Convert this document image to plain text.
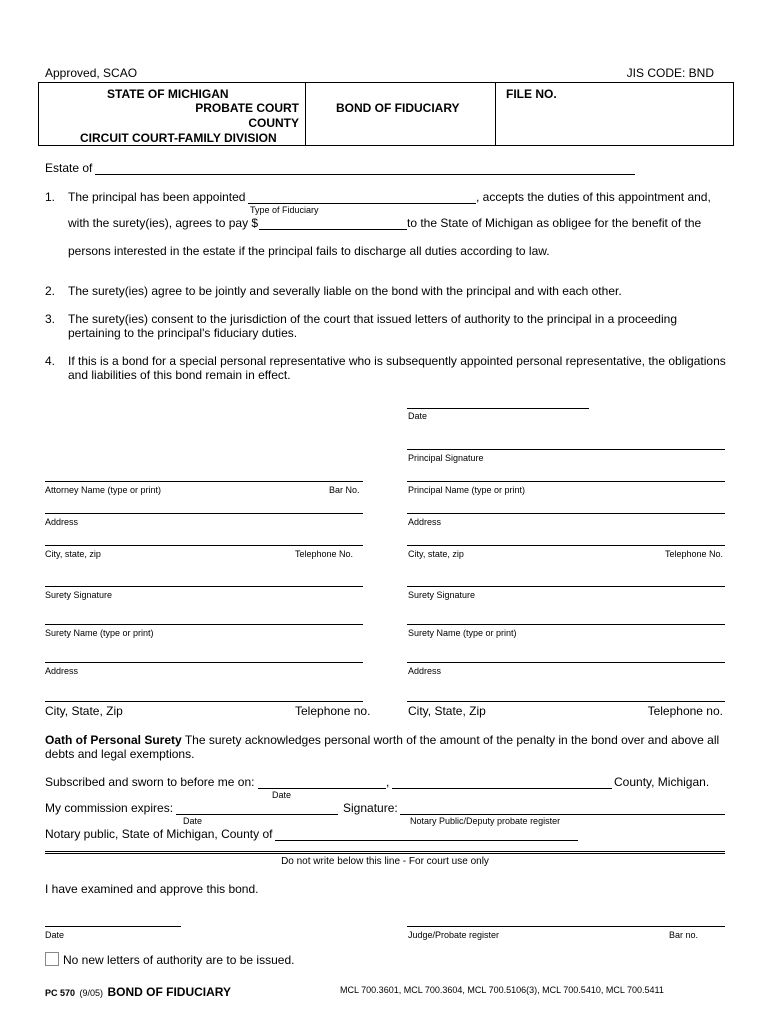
Approved, SCAO	JIS CODE: BND
STATE OF MICHIGAN
PROBATE COURT
COUNTY
CIRCUIT COURT-FAMILY DIVISION
BOND OF FIDUCIARY
FILE NO.
Estate of
1. The principal has been appointed	, accepts the duties of this appointment and,
Type of Fiduciary
with the surety(ies), agrees to pay $	to the State of Michigan as obligee for the benefit of the
persons interested in the estate if the principal fails to discharge all duties according to law.
2. The surety(ies) agree to be jointly and severally liable on the bond with the principal and with each other.
3. The surety(ies) consent to the jurisdiction of the court that issued letters of authority to the principal in a proceeding
pertaining to the principal's fiduciary duties.
4. If this is a bond for a special personal representative who is subsequently appointed personal representative, the obligations
and liabilities of this bond remain in effect.
Date
Principal Signature
Attorney Name (type or print)	Bar No.	Principal Name (type or print)
Address	Address
City, state, zip	Telephone No.	City, state, zip	Telephone No.
Surety Signature	Surety Signature
Surety Name (type or print)	Surety Name (type or print)
Address	Address
City, State, Zip	Telephone no.	City, State, Zip	Telephone no.
Oath of Personal Surety The surety acknowledges personal worth of the amount of the penalty in the bond over and above all
debts and legal exemptions.
Subscribed and sworn to before me on:	,	County, Michigan.
Date
My commission expires:	Signature:
Date	Notary Public/Deputy probate register
Notary public, State of Michigan, County of
Do not write below this line - For court use only
I have examined and approve this bond.
Date	Judge/Probate register	Bar no.
No new letters of authority are to be issued.
PC 570 (9/05) BOND OF FIDUCIARY	MCL 700.3601, MCL 700.3604, MCL 700.5106(3), MCL 700.5410, MCL 700.5411
